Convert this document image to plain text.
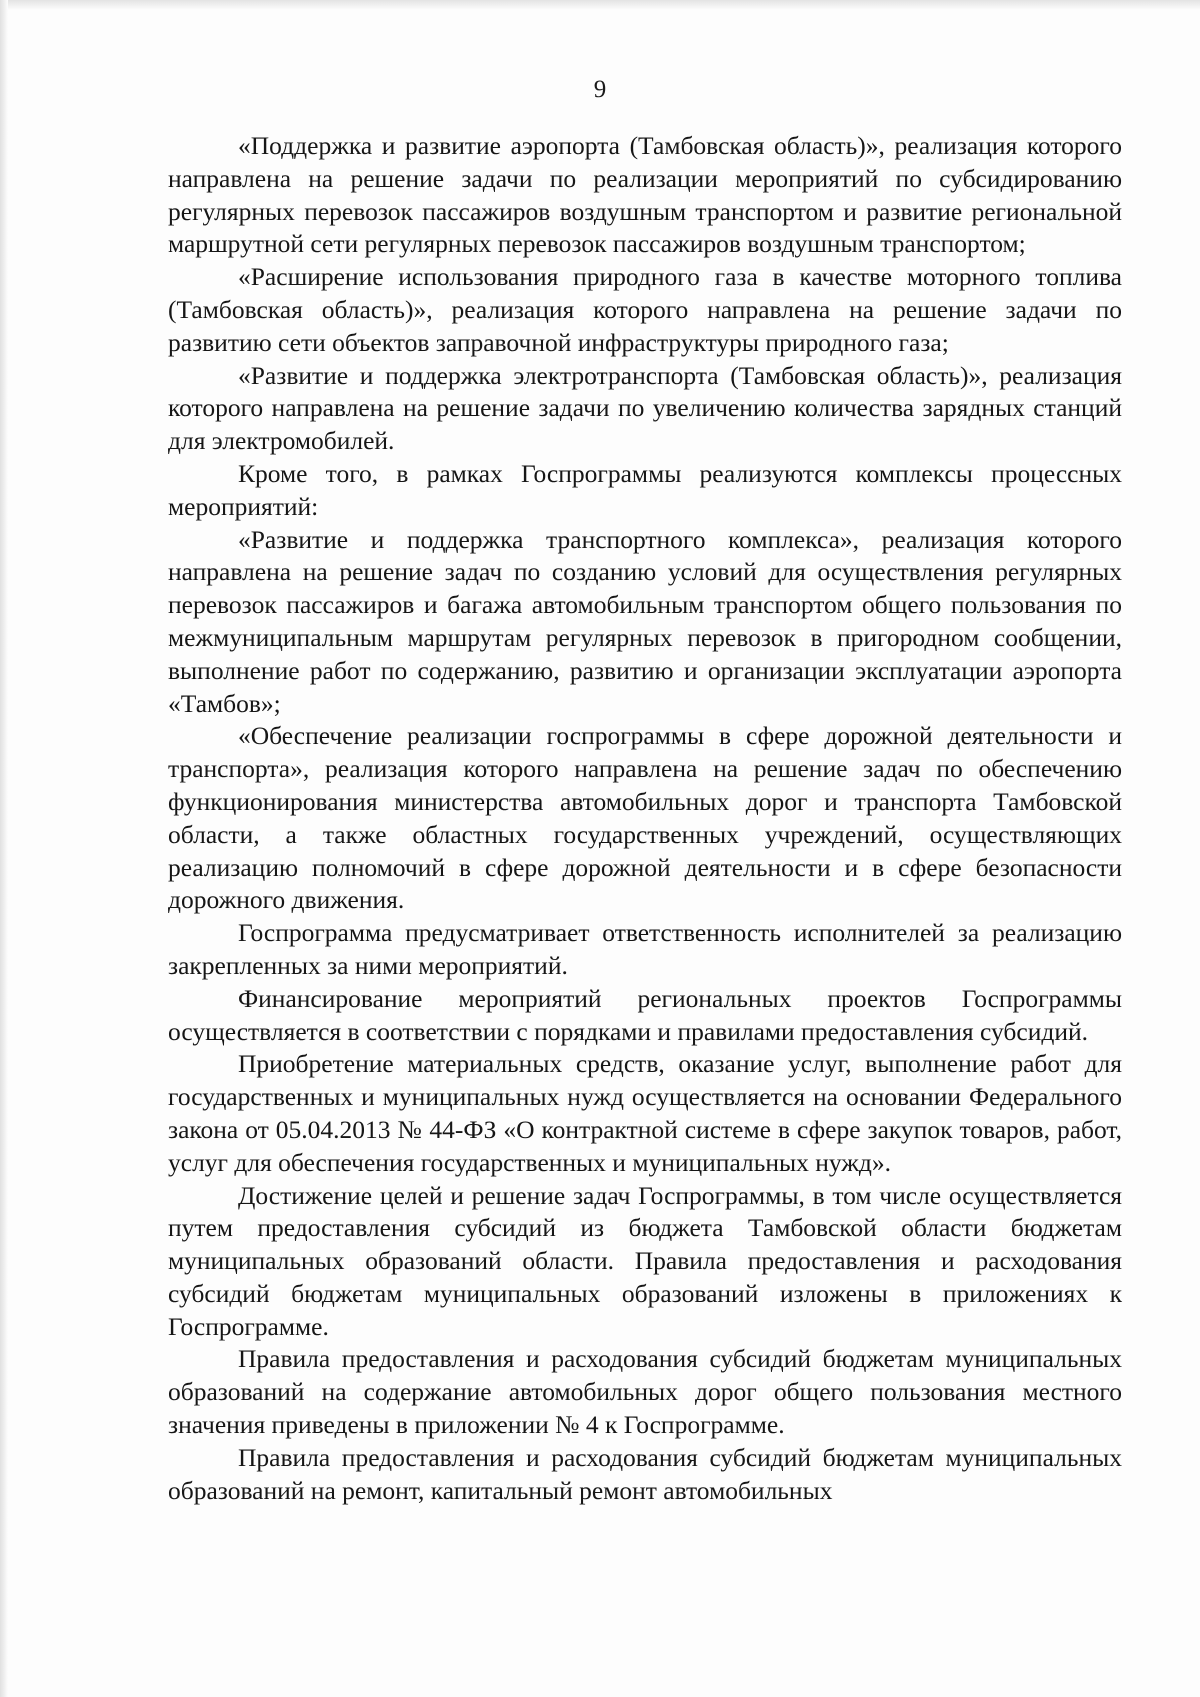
9

«Поддержка и развитие аэропорта (Тамбовская область)», реализация которого направлена на решение задачи по реализации мероприятий по субсидированию регулярных перевозок пассажиров воздушным транспортом и развитие региональной маршрутной сети регулярных перевозок пассажиров воздушным транспортом;

«Расширение использования природного газа в качестве моторного топлива (Тамбовская область)», реализация которого направлена на решение задачи по развитию сети объектов заправочной инфраструктуры природного газа;

«Развитие и поддержка электротранспорта (Тамбовская область)», реализация которого направлена на решение задачи по увеличению количества зарядных станций для электромобилей.

Кроме того, в рамках Госпрограммы реализуются комплексы процессных мероприятий:

«Развитие и поддержка транспортного комплекса», реализация которого направлена на решение задач по созданию условий для осуществления регулярных перевозок пассажиров и багажа автомобильным транспортом общего пользования по межмуниципальным маршрутам регулярных перевозок в пригородном сообщении, выполнение работ по содержанию, развитию и организации эксплуатации аэропорта «Тамбов»;

«Обеспечение реализации госпрограммы в сфере дорожной деятельности и транспорта», реализация которого направлена на решение задач по обеспечению функционирования министерства автомобильных дорог и транспорта Тамбовской области, а также областных государственных учреждений, осуществляющих реализацию полномочий в сфере дорожной деятельности и в сфере безопасности дорожного движения.

Госпрограмма предусматривает ответственность исполнителей за реализацию закрепленных за ними мероприятий.

Финансирование мероприятий региональных проектов Госпрограммы осуществляется в соответствии с порядками и правилами предоставления субсидий.

Приобретение материальных средств, оказание услуг, выполнение работ для государственных и муниципальных нужд осуществляется на основании Федерального закона от 05.04.2013 № 44-ФЗ «О контрактной системе в сфере закупок товаров, работ, услуг для обеспечения государственных и муниципальных нужд».

Достижение целей и решение задач Госпрограммы, в том числе осуществляется путем предоставления субсидий из бюджета Тамбовской области бюджетам муниципальных образований области. Правила предоставления и расходования субсидий бюджетам муниципальных образований изложены в приложениях к Госпрограмме.

Правила предоставления и расходования субсидий бюджетам муниципальных образований на содержание автомобильных дорог общего пользования местного значения приведены в приложении № 4 к Госпрограмме.

Правила предоставления и расходования субсидий бюджетам муниципальных образований на ремонт, капитальный ремонт автомобильных
